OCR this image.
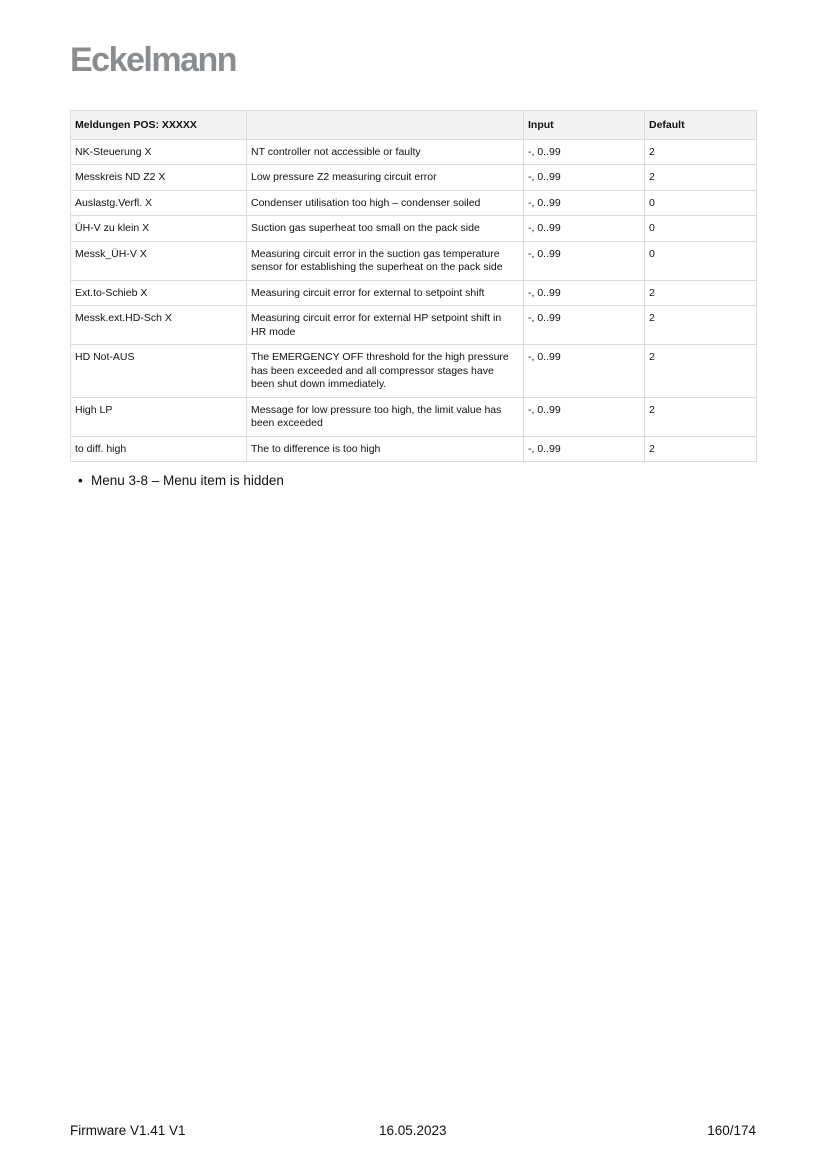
Eckelmann
Meldungen POS: XXXXX		Input	Default
NK-Steuerung X	NT controller not accessible or faulty	-, 0..99	2
Messkreis ND Z2 X	Low pressure Z2 measuring circuit error	-, 0..99	2
Auslastg.Verfl. X	Condenser utilisation too high – condenser soiled	-, 0..99	0
ÜH-V zu klein X	Suction gas superheat too small on the pack side	-, 0..99	0
Messk_ÜH-V X	Measuring circuit error in the suction gas temperature sensor for establishing the superheat on the pack side	-, 0..99	0
Ext.to-Schieb X	Measuring circuit error for external to setpoint shift	-, 0..99	2
Messk.ext.HD-Sch X	Measuring circuit error for external HP setpoint shift in HR mode	-, 0..99	2
HD Not-AUS	The EMERGENCY OFF threshold for the high pressure has been exceeded and all compressor stages have been shut down immediately.	-, 0..99	2
High LP	Message for low pressure too high, the limit value has been exceeded	-, 0..99	2
to diff. high	The to difference is too high	-, 0..99	2
• Menu 3-8 – Menu item is hidden
Firmware V1.41 V1	16.05.2023	160/174
